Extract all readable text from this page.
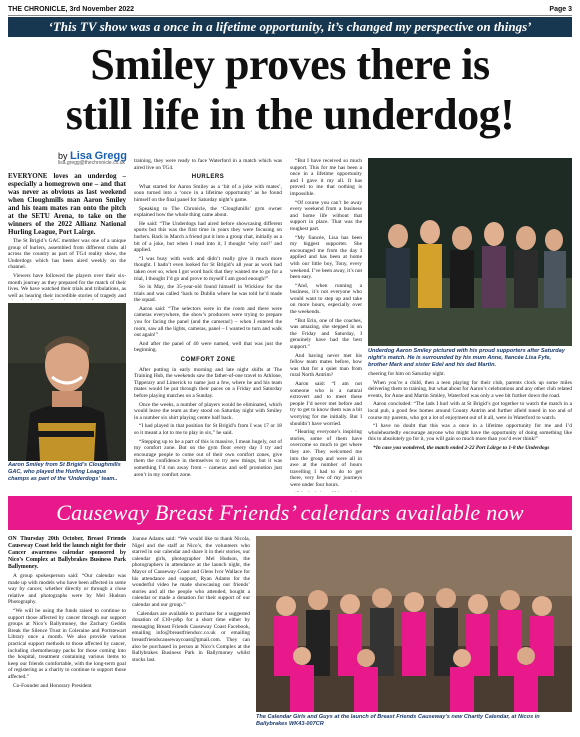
THE CHRONICLE, 3rd November 2022	Page 3
‘This TV show was a once in a lifetime opportunity, it’s changed my perspective on things’
Smiley proves there is
still life in the underdog!
by Lisa Gregg
lisa.gregg@thechronicle.co.uk

EVERYONE loves an underdog – especially a homegrown one – and that was never as obvious as last weekend when Cloughmills man Aaron Smiley and his team mates ran onto the pitch at the SETU Arena, to take on the winners of the 2022 Allianz National Hurling League, Port Lairge.

The St Brigid’s GAC member was one of a unique group of hurlers, assembled from different clubs all across the country as part of TG4 reality show, the Underdogs which has been aired weekly on the channel.

Viewers have followed the players over their six-month journey as they prepared for the match of their lives. We have watched their trials and tribulations, as well as hearing their incredible stories of tragedy and

Aaron Smiley from St Brigid’s Cloughmills GAC, who played the Hurling League champs as part of the ‘Underdogs’ team..

training, they were ready to face Waterford in a match which was aired live on TG4.

HURLERS

What started for Aaron Smiley as a ‘bit of a joke with mates’, soon turned into a ‘once in a lifetime opportunity’ as he found himself on the final panel for Saturday night’s game.

Speaking to The Chronicle, the ‘Cloughmills’ gym owner explained how the whole thing came about.

He said: “The Underdogs had aired before showcasing different sports but this was the first time in years they were focusing on hurlers. Back in March a friend put it into a group chat, initially as a bit of a joke, but when I read into it, I thought ‘why not?’ and applied.

“I was busy with work and didn’t really give it much more thought. I hadn’t even looked for St Brigid’s all year as work had taken over so, when I got word back that they wanted me to go for a trial, I thought I’d go and prove to myself I am good enough!”

So in May, the 35-year-old found himself in Wicklow for the trials and was called ‘back to Dublin where he was told he’d made the squad.

Aaron said: “The selectors were in the room and there were cameras everywhere, the show’s producers were trying to prepare you for facing the panel (and the cameras!) – when I entered the room, saw all the lights, cameras, panel – I wanted to turn and walk out again!”

And after the panel of 40 were named, well that was just the beginning.

COMFORT ZONE

After putting in early morning and late night shifts at The Training Hub, the weekends saw the father-of-one travel to Athlone, Tipperary and Limerick to name just a few, where he and his team mates would be put through their paces on a Friday and Saturday before playing matches on a Sunday.

Once the weeks, a number of players would be eliminated, which would leave the team as they stood on Saturday night with Smiley in a number six shirt playing centre half back.

“I had played in that position for St Brigid’s from I was 17 or 18 so it meant a lot to me to play in six,” he said.

“Stepping up to be a part of this is massive, I mean hugely, out of my comfort zone. But on the gym floor every day I try and encourage people to come out of their own comfort zones, give them the confidence in themselves to try new things, but it was something I’d run away from – cameras and self promotion just aren’t in my comfort zone.

“But I have received so much support. This for me has been a once in a lifetime opportunity and I gave it my all. It has proved to me that nothing is impossible.

“Of course you can’t be away every weekend from a business and home life without that support in place. That was the toughest part.

“My fiancée, Lisa has been my biggest supporter. She encouraged me from the day I applied and has been at home with our little boy, Tony, every weekend. I’ve been away, it’s not been easy.

“And, when running a business, it’s not everyone who would want to step up and take on more hours, especially over the weekends.

“But Erin, one of the coaches, was amazing, she stepped in on the Friday and Saturday, I genuinely have had the best support.”

And having never met his fellow team mates before, how was that for a quiet man from rural North Antrim?

Aaron said: “I am not someone who is a natural extrovert and to meet these people I’d never met before and try to get to know them was a bit worrying for me initially. But I shouldn’t have worried.

“Hearing everyone’s inspiring stories, some of them have overcome so much to get where they are. They welcomed me into the group and were all in awe at the number of hours travelling I had to do to get there, very few of my journeys were under four hours.

Underdog Aaron Smiley pictured with his proud supporters after Saturday night’s match. He is surrounded by his mum Anne, fiancée Lisa Fyfe, brother Mark and sister Edel and his dad Martin.

cheering for him on Saturday night.

When you’re a child, then a teen playing for their club, parents clock up some miles delivering them to training, but what about for Aaron’s celebrations and any other club related events, for Anne and Martin Smiley, Waterford was only a wee bit further down the road.

Aaron concluded: “The lads I hurl with at St Brigid’s got together to watch the match in a local pub, a good few homes around County Antrim and further afield tuned in too and of course my parents, who got a lot of enjoyment out of it all, were in Waterford to watch.

“I have no doubt that this was a once in a lifetime opportunity for me and I’d wholeheartedly encourage anyone who might have the opportunity of doing something like this to absolutely go for it, you will gain so much more than you’d ever think!”

*In case you wondered, the match ended 2-22 Port Láirge to 1-8 the Underdogs

Causeway Breast Friends’ calendars available now

ON Thursday 20th October, Breast Friends Causeway Coast held the launch night for their Cancer awareness calendar sponsored by Nico’s Complex at Ballybrakes Business Park Ballymoney.

A group spokesperson said: “Our calendar was made up with models who have been affected in some way by cancer, whether directly or through a close relative and photographs were by Mel Hudson Photography.

“We will be using the funds raised to continue to support those affected by cancer through our support groups at Nico’s Ballymoney, the Zachary Geddis Break the Silence Trust in Coleraine and Portstewart Library once a month. We also provide various practical support methods to those affected by cancer, including chemotherapy packs for those coming into the hospital, treatment containing various items to keep our friends comfortable, with the long-term goal of registering as a charity to continue to support those affected.”

Co-Founder and Honorary President

Joanne Adams said: “We would like to thank Nicola, Nigel and the staff at Nico’s, the volunteers who starred in our calendar and share it in their stories, our calendar girls, photographer Mel Hudson, the photographers in attendance at the launch night, the Mayor of Causeway Coast and Glens Ivor Wallace for his attendance and support, Ryan Adams for the wonderful video he made showcasing our friends’ stories and all the people who attended, bought a calendar or made a donation for their support of our calendar and our group.”

Calendars are available to purchase for a suggested donation of £10+p&p for a short time either by messaging Breast Friends Causeway Coast Facebook, emailing info@breastfriendscc.co.uk or emailing breastfriendscausewaycoast@gmail.com. They can also be purchased in person at Nico’s Complex at the Ballybrakes Business Park in Ballymoney whilst stocks last.

The Calendar Girls and Guys at the launch of Breast Friends Causeway’s new Charity Calendar, at Nicos in Ballybrakes WK43-007CR
